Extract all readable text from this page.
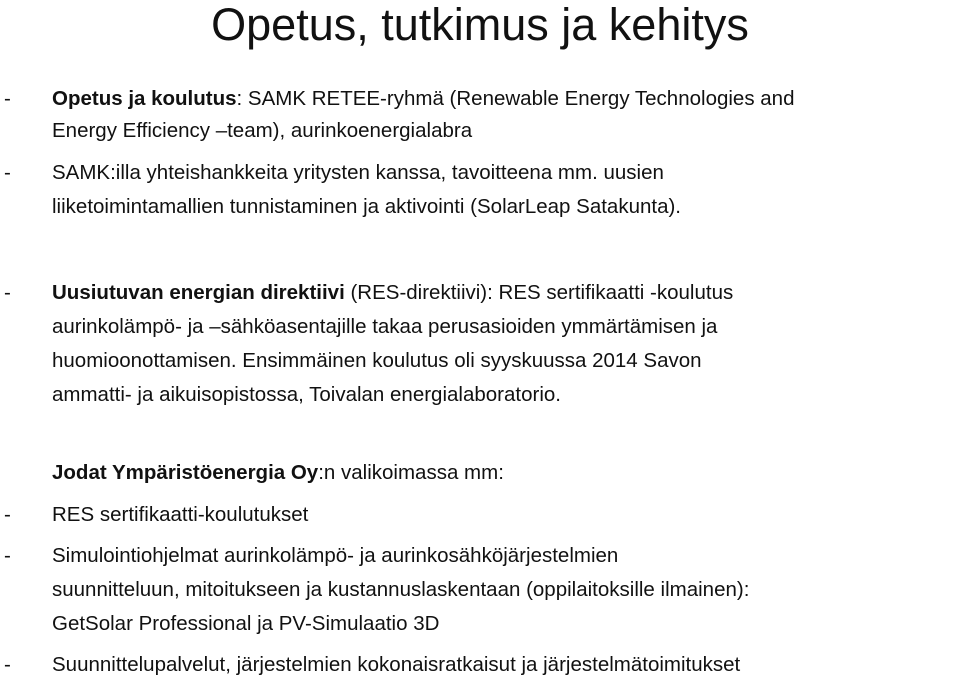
Opetus, tutkimus ja kehitys
- Opetus ja koulutus: SAMK RETEE-ryhmä (Renewable Energy Technologies and
Energy Efficiency –team), aurinkoenergialabra
- SAMK:illa yhteishankkeita yritysten kanssa, tavoitteena mm. uusien
liiketoimintamallien tunnistaminen ja aktivointi (SolarLeap Satakunta).
- Uusiutuvan energian direktiivi (RES-direktiivi): RES sertifikaatti -koulutus
aurinkolämpö- ja –sähköasentajille takaa perusasioiden ymmärtämisen ja
huomioonottamisen. Ensimmäinen koulutus oli syyskuussa 2014 Savon
ammatti- ja aikuisopistossa, Toivalan energialaboratorio.
Jodat Ympäristöenergia Oy:n valikoimassa mm:
- RES sertifikaatti-koulutukset
- Simulointiohjelmat aurinkolämpö- ja aurinkosähköjärjestelmien
suunnitteluun, mitoitukseen ja kustannuslaskentaan (oppilaitoksille ilmainen):
GetSolar Professional ja PV-Simulaatio 3D
- Suunnittelupalvelut, järjestelmien kokonaisratkaisut ja järjestelmätoimitukset
